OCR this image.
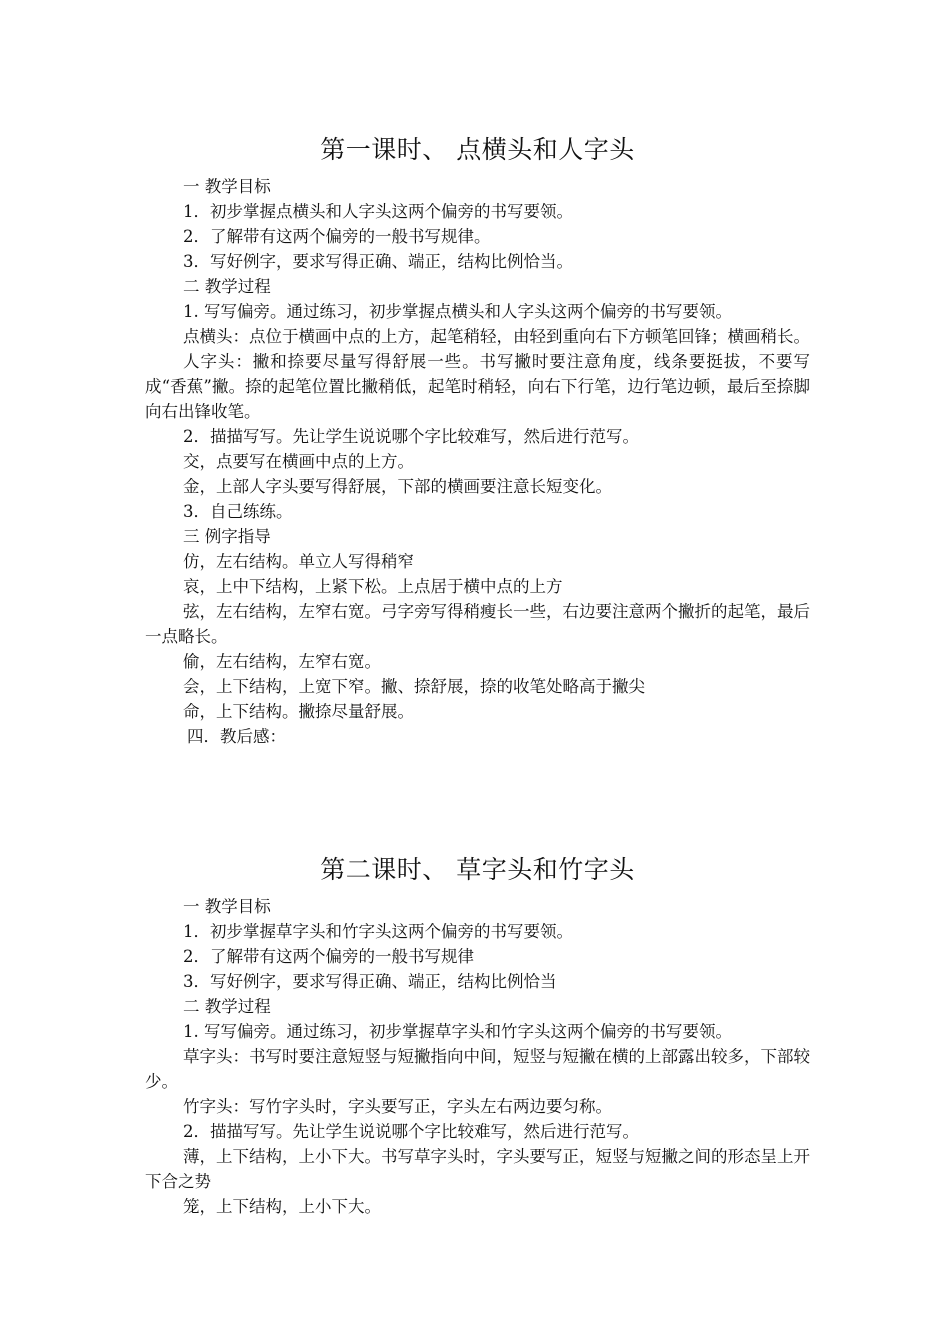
第一课时、 点横头和人字头

一 教学目标

1．初步掌握点横头和人字头这两个偏旁的书写要领。

2．了解带有这两个偏旁的一般书写规律。

3．写好例字，要求写得正确、端正，结构比例恰当。

二 教学过程

1. 写写偏旁。通过练习，初步掌握点横头和人字头这两个偏旁的书写要领。

点横头：点位于横画中点的上方，起笔稍轻，由轻到重向右下方顿笔回锋；横画稍长。

人字头：撇和捺要尽量写得舒展一些。书写撇时要注意角度，线条要挺拔，不要写成“香蕉”撇。捺的起笔位置比撇稍低，起笔时稍轻，向右下行笔，边行笔边顿，最后至捺脚向右出锋收笔。

2．描描写写。先让学生说说哪个字比较难写，然后进行范写。

交，点要写在横画中点的上方。

金，上部人字头要写得舒展，下部的横画要注意长短变化。

3．自己练练。

三 例字指导

仿，左右结构。单立人写得稍窄

哀，上中下结构，上紧下松。上点居于横中点的上方

弦，左右结构，左窄右宽。弓字旁写得稍瘦长一些，右边要注意两个撇折的起笔，最后一点略长。

偷，左右结构，左窄右宽。

会，上下结构，上宽下窄。撇、捺舒展，捺的收笔处略高于撇尖

命，上下结构。撇捺尽量舒展。

四．教后感：

第二课时、 草字头和竹字头

一 教学目标

1．初步掌握草字头和竹字头这两个偏旁的书写要领。

2．了解带有这两个偏旁的一般书写规律

3．写好例字，要求写得正确、端正，结构比例恰当

二 教学过程

1. 写写偏旁。通过练习，初步掌握草字头和竹字头这两个偏旁的书写要领。

草字头：书写时要注意短竖与短撇指向中间，短竖与短撇在横的上部露出较多，下部较少。

竹字头：写竹字头时，字头要写正，字头左右两边要匀称。

2．描描写写。先让学生说说哪个字比较难写，然后进行范写。

薄，上下结构，上小下大。书写草字头时，字头要写正，短竖与短撇之间的形态呈上开下合之势

笼，上下结构，上小下大。
